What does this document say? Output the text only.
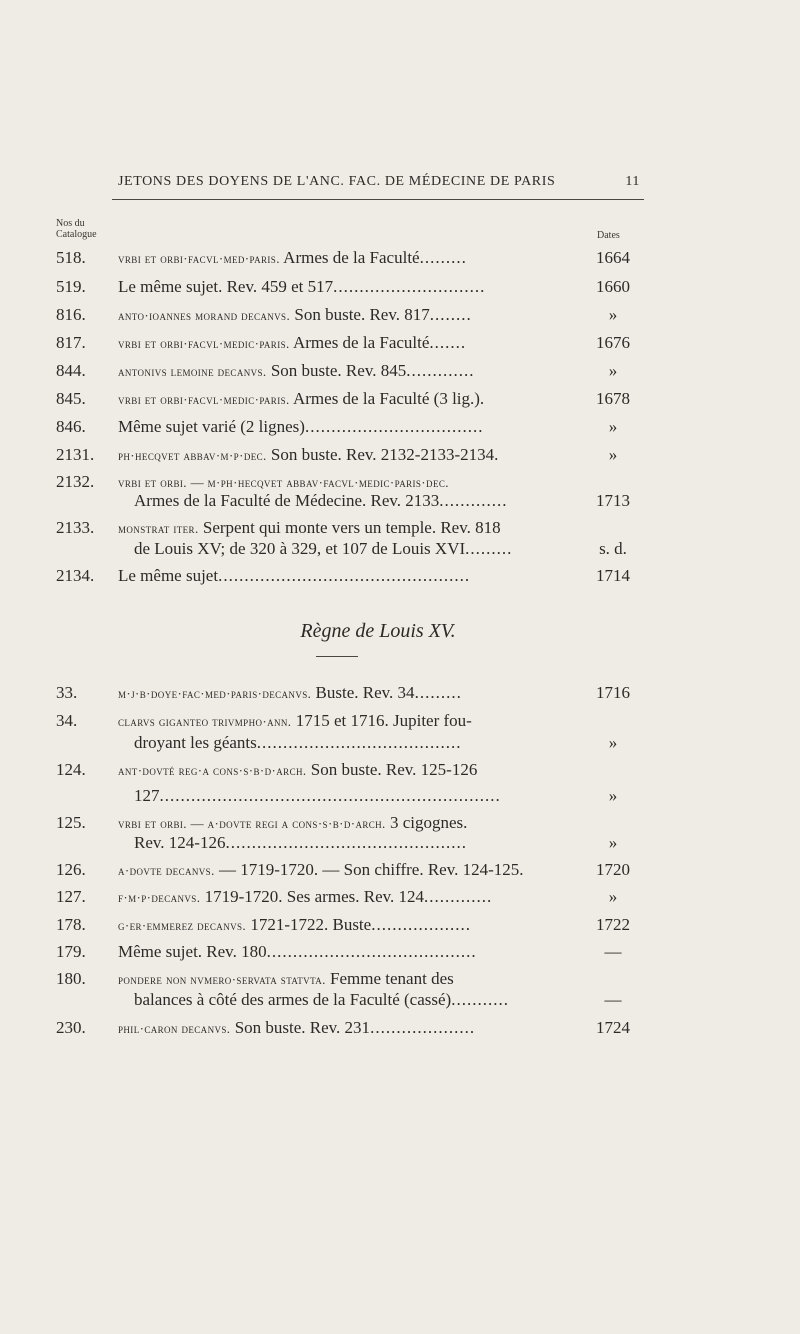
JETONS DES DOYENS DE L'ANC. FAC. DE MÉDECINE DE PARIS	11
Nos du
Catalogue	Dates
518.	vrbi et orbi·facvl·med·paris. Armes de la Faculté.........	1664
519.	Le même sujet. Rev. 459 et 517.............................	1660
816.	anto·ioannes morand decanvs. Son buste. Rev. 817........	»
817.	vrbi et orbi·facvl·medic·paris. Armes de la Faculté.......	1676
844.	antonivs lemoine decanvs. Son buste. Rev. 845.............	»
845.	vrbi et orbi·facvl·medic·paris. Armes de la Faculté (3 lig.).	1678
846.	Même sujet varié (2 lignes)..................................	»
2131.	ph·hecqvet abbav·m·p·dec. Son buste. Rev. 2132-2133-2134.	»
2132.	vrbi et orbi. — m·ph·hecqvet abbav·facvl·medic·paris·dec.
Armes de la Faculté de Médecine. Rev. 2133.............	1713
2133.	monstrat iter. Serpent qui monte vers un temple. Rev. 818
de Louis XV; de 320 à 329, et 107 de Louis XVI.........	s. d.
2134.	Le même sujet................................................	1714
Règne de Louis XV.
33.	m·j·b·doye·fac·med·paris·decanvs. Buste. Rev. 34.........	1716
34.	clarvs giganteo trivmpho·ann. 1715 et 1716. Jupiter fou-
droyant les géants.......................................	»
124.	ant·dovté reg·a cons·s·b·d·arch. Son buste. Rev. 125-126
127.................................................................	»
125.	vrbi et orbi. — a·dovte regi a cons·s·b·d·arch. 3 cigognes.
Rev. 124-126..............................................	»
126.	a·dovte decanvs. — 1719-1720. — Son chiffre. Rev. 124-125.	1720
127.	f·m·p·decanvs. 1719-1720. Ses armes. Rev. 124.............	»
178.	g·er·emmerez decanvs. 1721-1722. Buste...................	1722
179.	Même sujet. Rev. 180........................................	—
180.	pondere non nvmero·servata statvta. Femme tenant des
balances à côté des armes de la Faculté (cassé)...........	—
230.	phil·caron decanvs. Son buste. Rev. 231....................	1724
